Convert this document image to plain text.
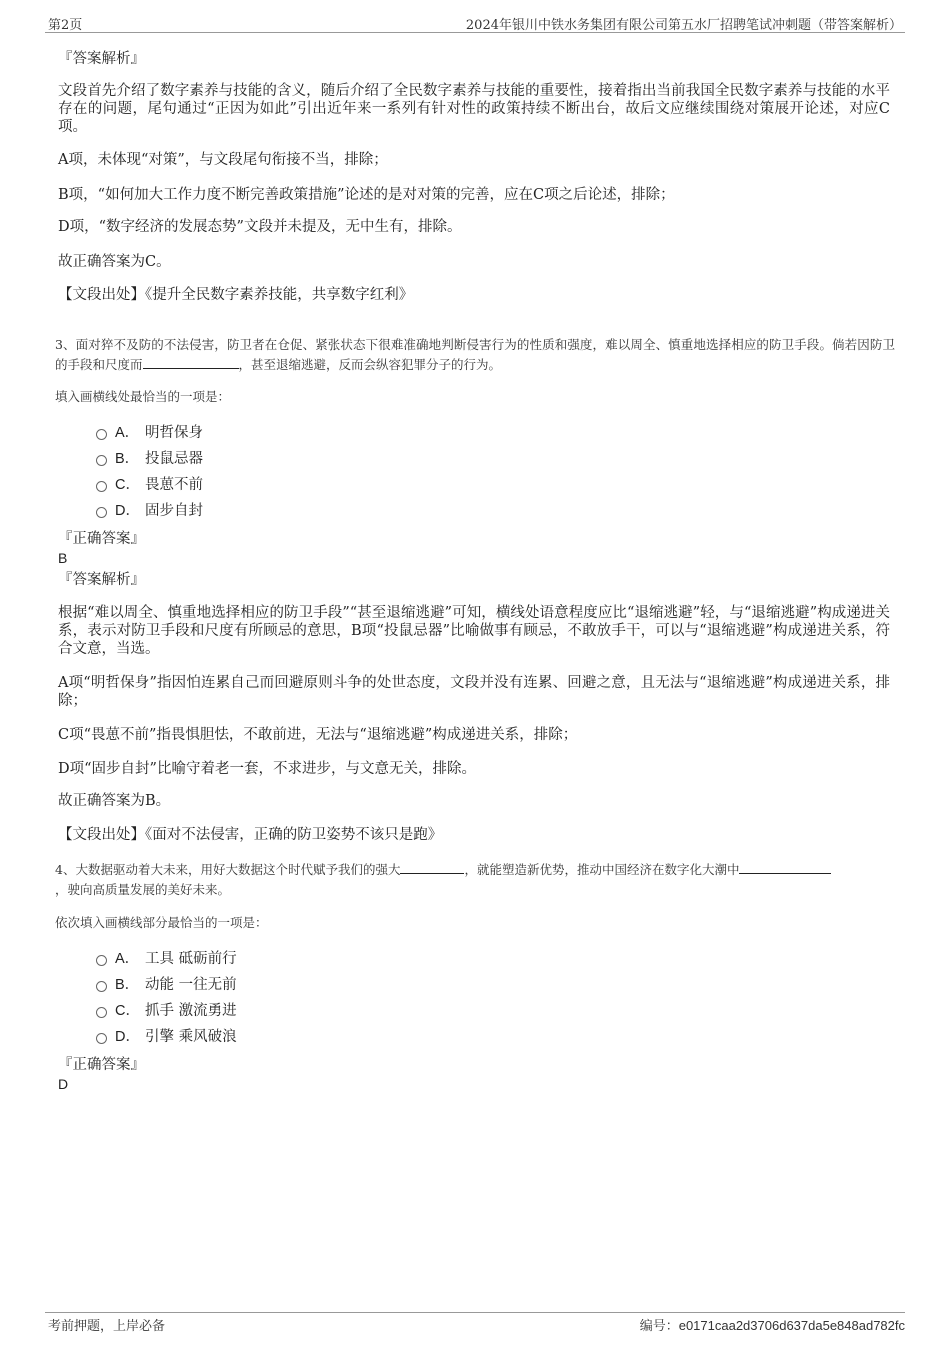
第2页	2024年银川中铁水务集团有限公司第五水厂招聘笔试冲刺题（带答案解析）
『答案解析』
文段首先介绍了数字素养与技能的含义，随后介绍了全民数字素养与技能的重要性，接着指出当前我国全民数字素养与技能的水平存在的问题，尾句通过“正因为如此”引出近年来一系列有针对性的政策持续不断出台，故后文应继续围绕对策展开论述，对应C项。
A项，未体现“对策”，与文段尾句衔接不当，排除；
B项，“如何加大工作力度不断完善政策措施”论述的是对对策的完善，应在C项之后论述，排除；
D项，“数字经济的发展态势”文段并未提及，无中生有，排除。
故正确答案为C。
【文段出处】《提升全民数字素养技能，共享数字红利》
3、面对猝不及防的不法侵害，防卫者在仓促、紧张状态下很难准确地判断侵害行为的性质和强度，难以周全、慎重地选择相应的防卫手段。倘若因防卫的手段和尺度而	，甚至退缩逃避，反而会纵容犯罪分子的行为。
填入画横线处最恰当的一项是：
A． 明哲保身
B． 投鼠忌器
C． 畏葸不前
D． 固步自封
『正确答案』
B
『答案解析』
根据“难以周全、慎重地选择相应的防卫手段”“甚至退缩逃避”可知，横线处语意程度应比“退缩逃避”轻，与“退缩逃避”构成递进关系，表示对防卫手段和尺度有所顾忌的意思，B项“投鼠忌器”比喻做事有顾忌，不敢放手干，可以与“退缩逃避”构成递进关系，符合文意，当选。
A项“明哲保身”指因怕连累自己而回避原则斗争的处世态度，文段并没有连累、回避之意，且无法与“退缩逃避”构成递进关系，排除；
C项“畏葸不前”指畏惧胆怯，不敢前进，无法与“退缩逃避”构成递进关系，排除；
D项“固步自封”比喻守着老一套，不求进步，与文意无关，排除。
故正确答案为B。
【文段出处】《面对不法侵害，正确的防卫姿势不该只是跑》
4、大数据驱动着大未来，用好大数据这个时代赋予我们的强大	，就能塑造新优势，推动中国经济在数字化大潮中
，驶向高质量发展的美好未来。
依次填入画横线部分最恰当的一项是：
A． 工具 砥砺前行
B． 动能 一往无前
C． 抓手 激流勇进
D． 引擎 乘风破浪
『正确答案』
D
考前押题，上岸必备	编号：e0171caa2d3706d637da5e848ad782fc
